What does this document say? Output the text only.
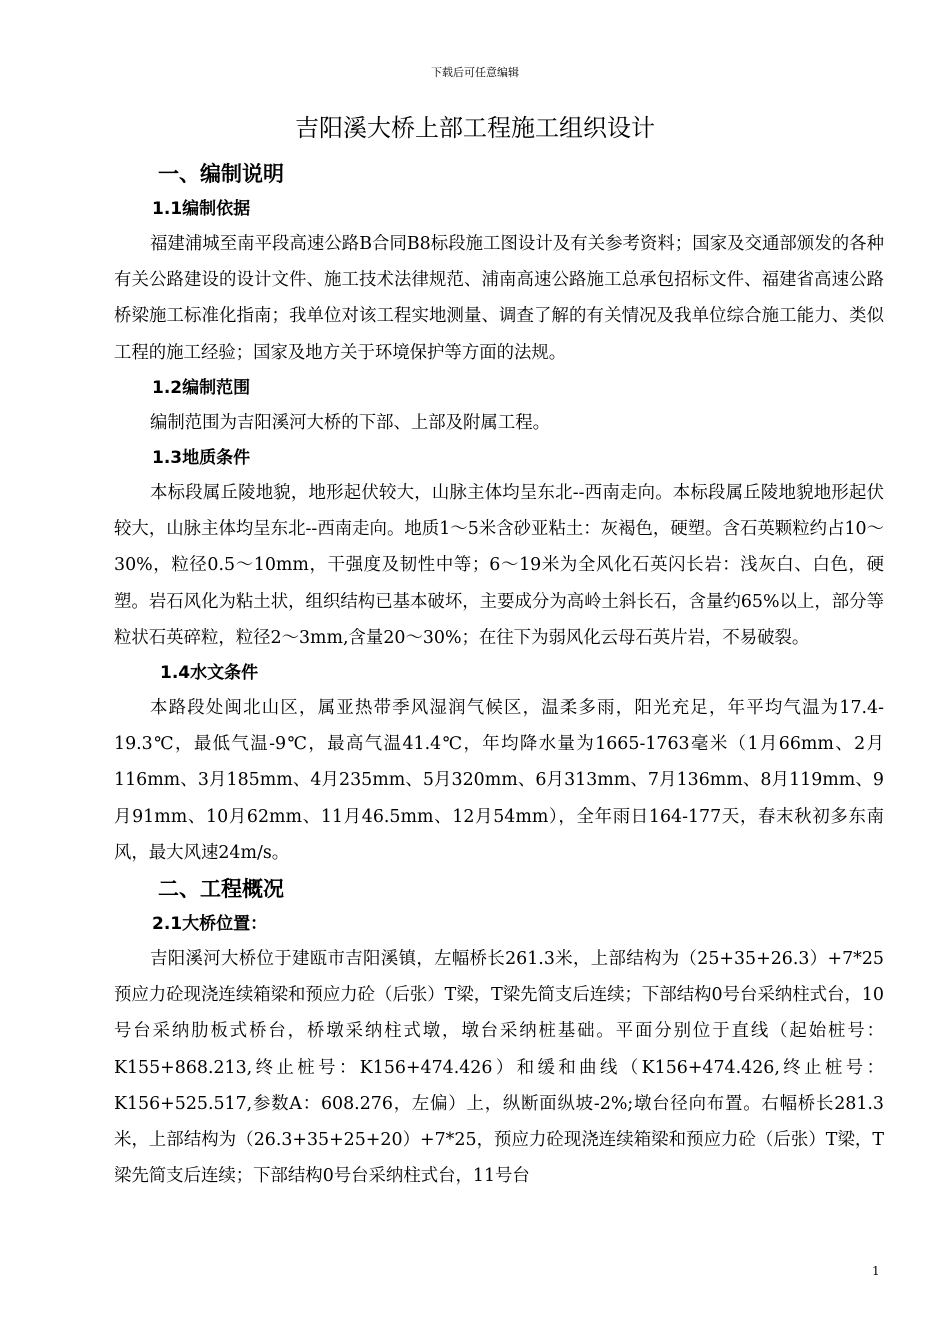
下载后可任意编辑
吉阳溪大桥上部工程施工组织设计

一、编制说明

1.1编制依据

福建浦城至南平段高速公路B合同B8标段施工图设计及有关参考资料；国家及交通部颁发的各种有关公路建设的设计文件、施工技术法律规范、浦南高速公路施工总承包招标文件、福建省高速公路桥梁施工标准化指南；我单位对该工程实地测量、调查了解的有关情况及我单位综合施工能力、类似工程的施工经验；国家及地方关于环境保护等方面的法规。

1.2编制范围

编制范围为吉阳溪河大桥的下部、上部及附属工程。

1.3地质条件

本标段属丘陵地貌，地形起伏较大，山脉主体均呈东北--西南走向。本标段属丘陵地貌地形起伏较大，山脉主体均呈东北--西南走向。地质1～5米含砂亚粘土：灰褐色，硬塑。含石英颗粒约占10～30%，粒径0.5～10mm，干强度及韧性中等；6～19米为全风化石英闪长岩：浅灰白、白色，硬塑。岩石风化为粘土状，组织结构已基本破坏，主要成分为高岭土斜长石，含量约65%以上，部分等粒状石英碎粒，粒径2～3mm,含量20～30%；在往下为弱风化云母石英片岩，不易破裂。

1.4水文条件

本路段处闽北山区，属亚热带季风湿润气候区，温柔多雨，阳光充足，年平均气温为17.4-19.3℃，最低气温-9℃，最高气温41.4℃，年均降水量为1665-1763毫米（1月66mm、2月116mm、3月185mm、4月235mm、5月320mm、6月313mm、7月136mm、8月119mm、9月91mm、10月62mm、11月46.5mm、12月54mm），全年雨日164-177天，春末秋初多东南风，最大风速24m/s。

二、工程概况

2.1大桥位置：

吉阳溪河大桥位于建瓯市吉阳溪镇，左幅桥长261.3米，上部结构为（25+35+26.3）+7*25预应力砼现浇连续箱梁和预应力砼（后张）T梁，T梁先简支后连续；下部结构0号台采纳柱式台，10号台采纳肋板式桥台，桥墩采纳柱式墩，墩台采纳桩基础。平面分别位于直线（起始桩号：K155+868.213,终止桩号：K156+474.426）和缓和曲线（K156+474.426,终止桩号：K156+525.517,参数A：608.276，左偏）上，纵断面纵坡-2%;墩台径向布置。右幅桥长281.3米，上部结构为（26.3+35+25+20）+7*25，预应力砼现浇连续箱梁和预应力砼（后张）T梁，T梁先简支后连续；下部结构0号台采纳柱式台，11号台

1
